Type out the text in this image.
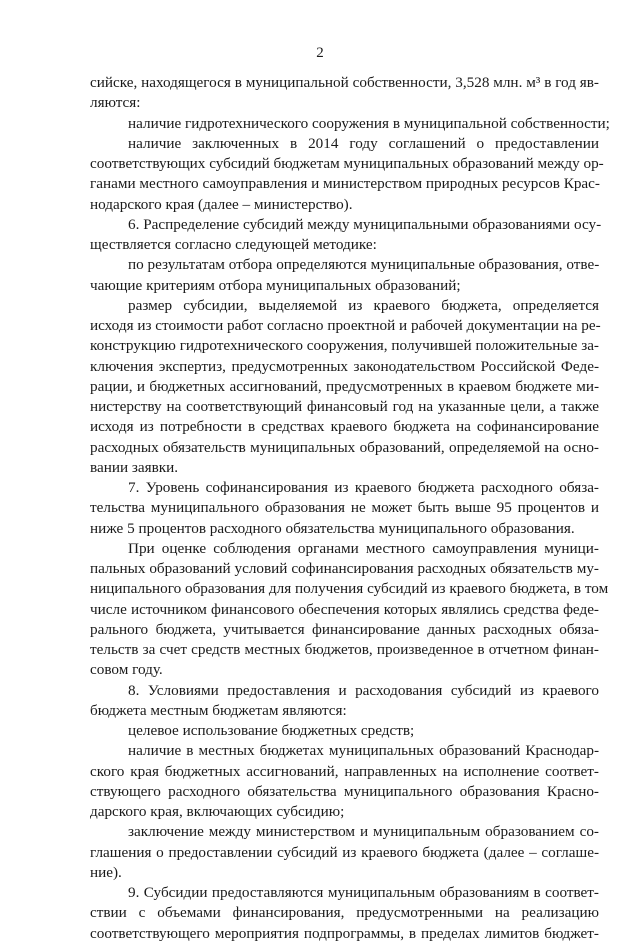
2
сийске, находящегося в муниципальной собственности, 3,528 млн. м³ в год яв-
ляются:
наличие гидротехнического сооружения в муниципальной собственности;
наличие заключенных в 2014 году соглашений о предоставлении
соответствующих субсидий бюджетам муниципальных образований между ор-
ганами местного самоуправления и министерством природных ресурсов Крас-
нодарского края (далее – министерство).
6. Распределение субсидий между муниципальными образованиями осу-
ществляется согласно следующей методике:
по результатам отбора определяются муниципальные образования, отве-
чающие критериям отбора муниципальных образований;
размер субсидии, выделяемой из краевого бюджета, определяется
исходя из стоимости работ согласно проектной и рабочей документации на ре-
конструкцию гидротехнического сооружения, получившей положительные за-
ключения экспертиз, предусмотренных законодательством Российской Феде-
рации, и бюджетных ассигнований, предусмотренных в краевом бюджете ми-
нистерству на соответствующий финансовый год на указанные цели, а также
исходя из потребности в средствах краевого бюджета на софинансирование
расходных обязательств муниципальных образований, определяемой на осно-
вании заявки.
7. Уровень софинансирования из краевого бюджета расходного обяза-
тельства муниципального образования не может быть выше 95 процентов и
ниже 5 процентов расходного обязательства муниципального образования.
При оценке соблюдения органами местного самоуправления муници-
пальных образований условий софинансирования расходных обязательств му-
ниципального образования для получения субсидий из краевого бюджета, в том
числе источником финансового обеспечения которых являлись средства феде-
рального бюджета, учитывается финансирование данных расходных обяза-
тельств за счет средств местных бюджетов, произведенное в отчетном финан-
совом году.
8. Условиями предоставления и расходования субсидий из краевого
бюджета местным бюджетам являются:
целевое использование бюджетных средств;
наличие в местных бюджетах муниципальных образований Краснодар-
ского края бюджетных ассигнований, направленных на исполнение соответ-
ствующего расходного обязательства муниципального образования Красно-
дарского края, включающих субсидию;
заключение между министерством и муниципальным образованием со-
глашения о предоставлении субсидий из краевого бюджета (далее – соглаше-
ние).
9. Субсидии предоставляются муниципальным образованиям в соответ-
ствии с объемами финансирования, предусмотренными на реализацию
соответствующего мероприятия подпрограммы, в пределах лимитов бюджет-
